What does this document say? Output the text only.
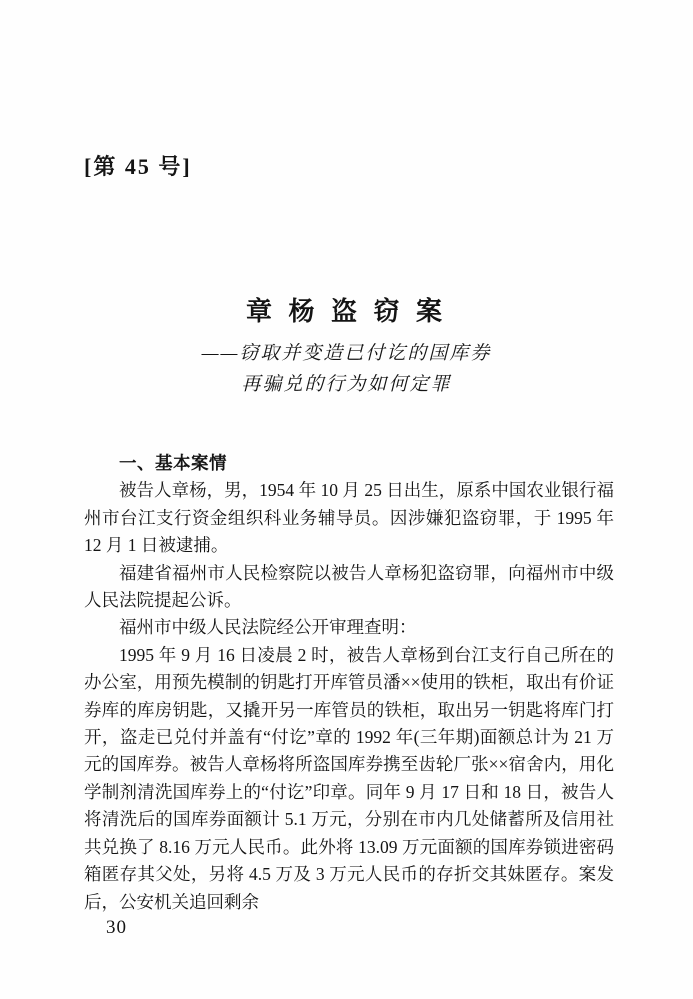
[第 45 号]
章 杨 盗 窃 案
——窃取并变造已付讫的国库券
再骗兑的行为如何定罪
一、基本案情

被告人章杨，男，1954 年 10 月 25 日出生，原系中国农业银行福州市台江支行资金组织科业务辅导员。因涉嫌犯盗窃罪，于 1995 年 12 月 1 日被逮捕。

福建省福州市人民检察院以被告人章杨犯盗窃罪，向福州市中级人民法院提起公诉。

福州市中级人民法院经公开审理查明：

1995 年 9 月 16 日凌晨 2 时，被告人章杨到台江支行自己所在的办公室，用预先模制的钥匙打开库管员潘××使用的铁柜，取出有价证券库的库房钥匙，又撬开另一库管员的铁柜，取出另一钥匙将库门打开，盗走已兑付并盖有“付讫”章的 1992 年(三年期)面额总计为 21 万元的国库券。被告人章杨将所盗国库券携至齿轮厂张××宿舍内，用化学制剂清洗国库券上的“付讫”印章。同年 9 月 17 日和 18 日，被告人将清洗后的国库券面额计 5.1 万元，分别在市内几处储蓄所及信用社共兑换了 8.16 万元人民币。此外将 13.09 万元面额的国库券锁进密码箱匿存其父处，另将 4.5 万及 3 万元人民币的存折交其妹匿存。案发后，公安机关追回剩余

30
